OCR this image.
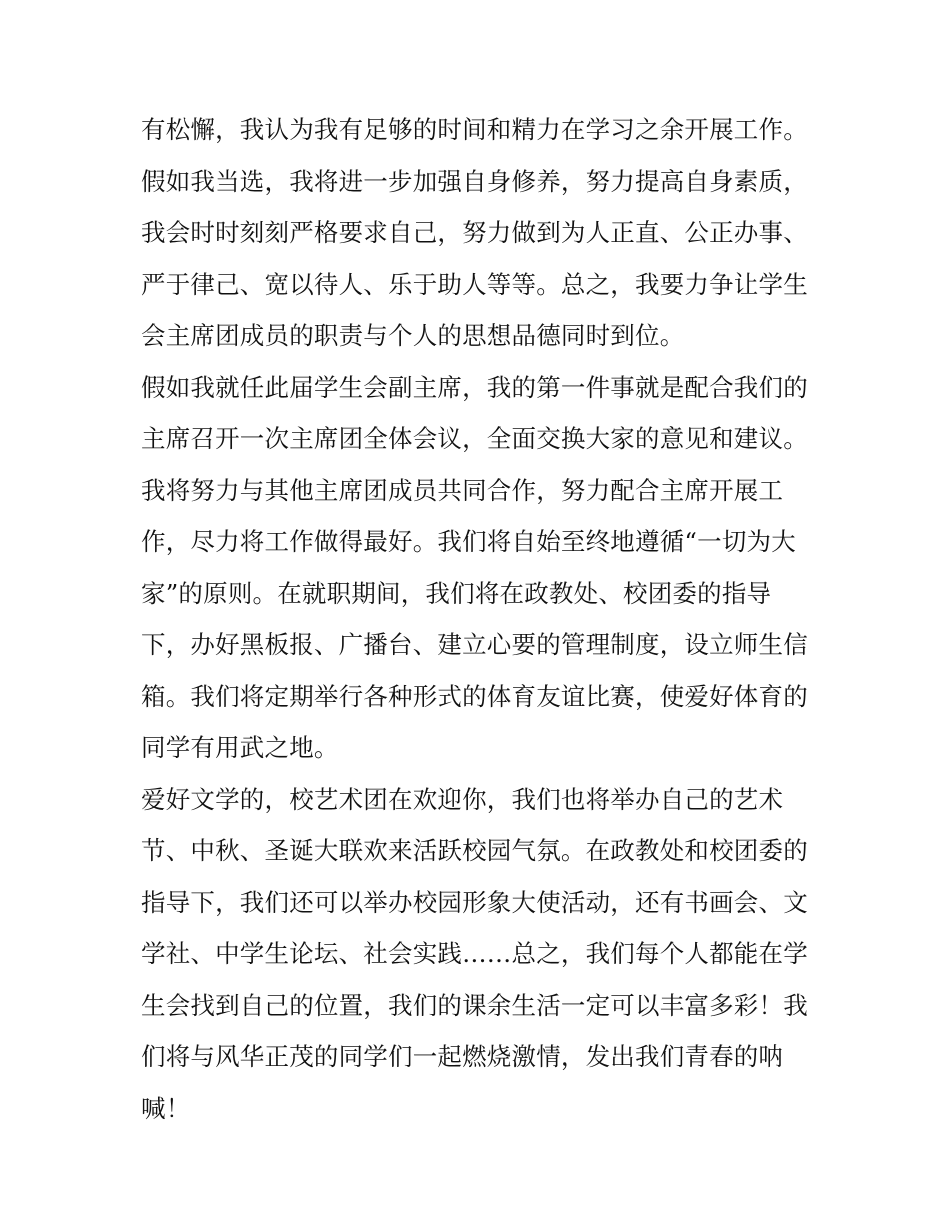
有松懈，我认为我有足够的时间和精力在学习之余开展工作。
假如我当选，我将进一步加强自身修养，努力提高自身素质，
我会时时刻刻严格要求自己，努力做到为人正直、公正办事、
严于律己、宽以待人、乐于助人等等。总之，我要力争让学生
会主席团成员的职责与个人的思想品德同时到位。
假如我就任此届学生会副主席，我的第一件事就是配合我们的
主席召开一次主席团全体会议，全面交换大家的意见和建议。
我将努力与其他主席团成员共同合作，努力配合主席开展工
作，尽力将工作做得最好。我们将自始至终地遵循“一切为大
家”的原则。在就职期间，我们将在政教处、校团委的指导
下，办好黑板报、广播台、建立心要的管理制度，设立师生信
箱。我们将定期举行各种形式的体育友谊比赛，使爱好体育的
同学有用武之地。
爱好文学的，校艺术团在欢迎你，我们也将举办自己的艺术
节、中秋、圣诞大联欢来活跃校园气氛。在政教处和校团委的
指导下，我们还可以举办校园形象大使活动，还有书画会、文
学社、中学生论坛、社会实践……总之，我们每个人都能在学
生会找到自己的位置，我们的课余生活一定可以丰富多彩！我
们将与风华正茂的同学们一起燃烧激情，发出我们青春的呐
喊！
